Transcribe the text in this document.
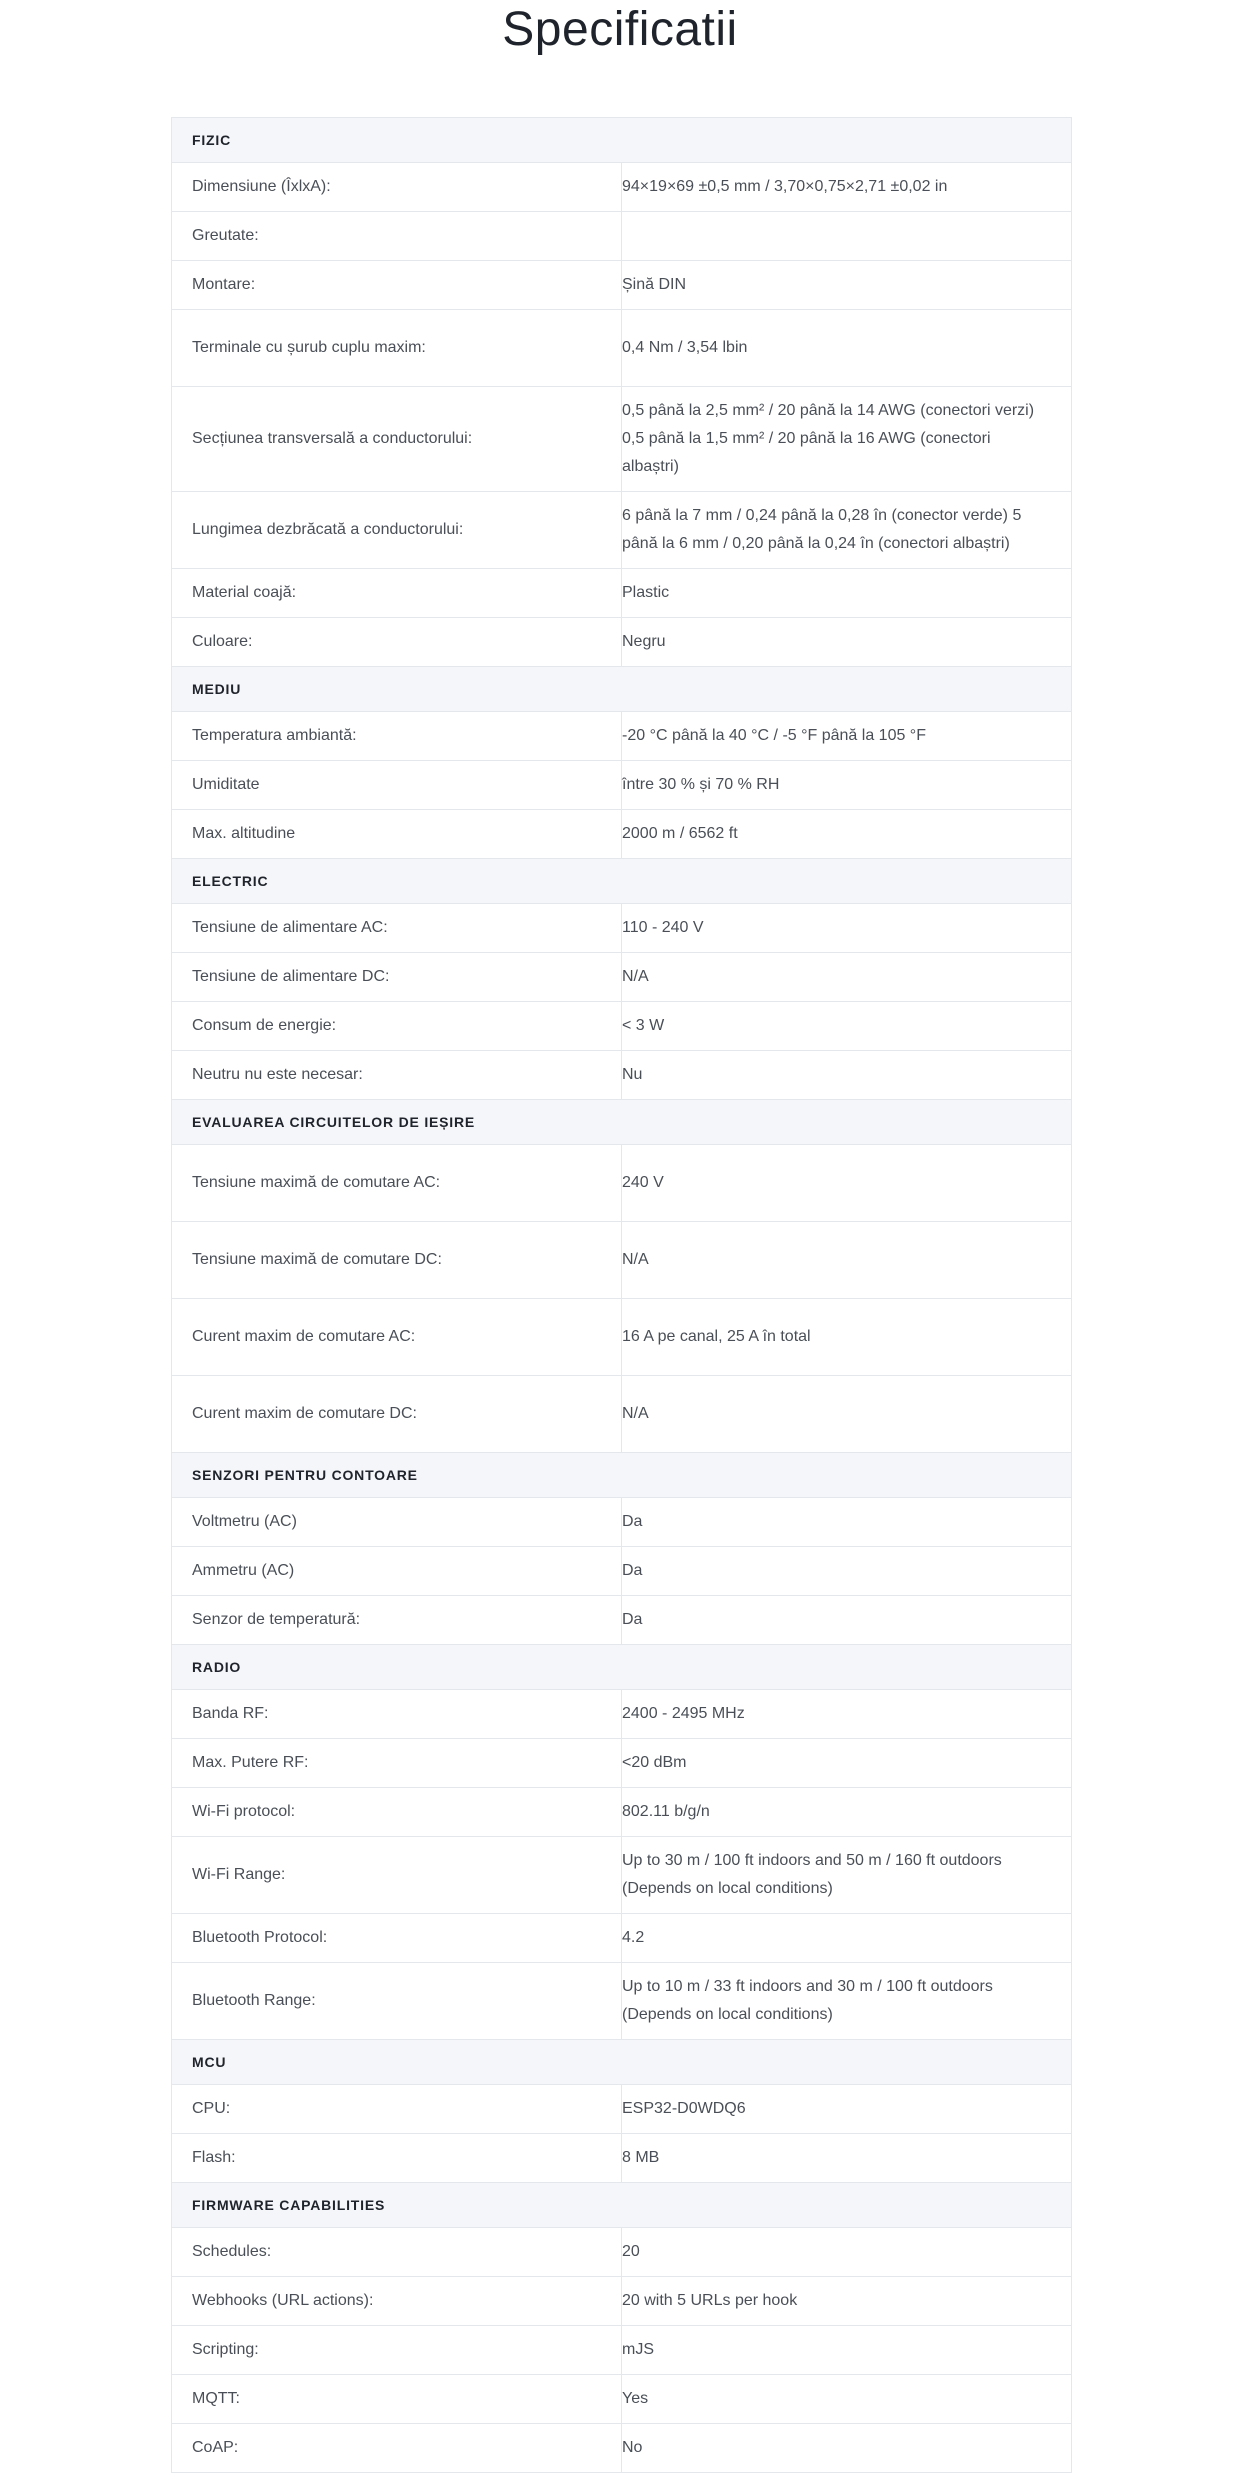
Specificatii
FIZIC	
Dimensiune (ÎxlxA):	94×19×69 ±0,5 mm / 3,70×0,75×2,71 ±0,02 in
Greutate:	
Montare:	Șină DIN
Terminale cu șurub cuplu maxim:	0,4 Nm / 3,54 lbin
Secțiunea transversală a conductorului:	0,5 până la 2,5 mm² / 20 până la 14 AWG (conectori verzi) 0,5 până la 1,5 mm² / 20 până la 16 AWG (conectori albaștri)
Lungimea dezbrăcată a conductorului:	6 până la 7 mm / 0,24 până la 0,28 în (conector verde) 5 până la 6 mm / 0,20 până la 0,24 în (conectori albaștri)
Material coajă:	Plastic
Culoare:	Negru
MEDIU	
Temperatura ambiantă:	-20 °C până la 40 °C / -5 °F până la 105 °F
Umiditate	între 30 % și 70 % RH
Max. altitudine	2000 m / 6562 ft
ELECTRIC	
Tensiune de alimentare AC:	110 - 240 V
Tensiune de alimentare DC:	N/A
Consum de energie:	< 3 W
Neutru nu este necesar:	Nu
EVALUAREA CIRCUITELOR DE IEȘIRE	
Tensiune maximă de comutare AC:	240 V
Tensiune maximă de comutare DC:	N/A
Curent maxim de comutare AC:	16 A pe canal, 25 A în total
Curent maxim de comutare DC:	N/A
SENZORI PENTRU CONTOARE	
Voltmetru (AC)	Da
Ammetru (AC)	Da
Senzor de temperatură:	Da
RADIO	
Banda RF:	2400 - 2495 MHz
Max. Putere RF:	<20 dBm
Wi-Fi protocol:	802.11 b/g/n
Wi-Fi Range:	Up to 30 m / 100 ft indoors and 50 m / 160 ft outdoors (Depends on local conditions)
Bluetooth Protocol:	4.2
Bluetooth Range:	Up to 10 m / 33 ft indoors and 30 m / 100 ft outdoors (Depends on local conditions)
MCU	
CPU:	ESP32-D0WDQ6
Flash:	8 MB
FIRMWARE CAPABILITIES	
Schedules:	20
Webhooks (URL actions):	20 with 5 URLs per hook
Scripting:	mJS
MQTT:	Yes
CoAP:	No
